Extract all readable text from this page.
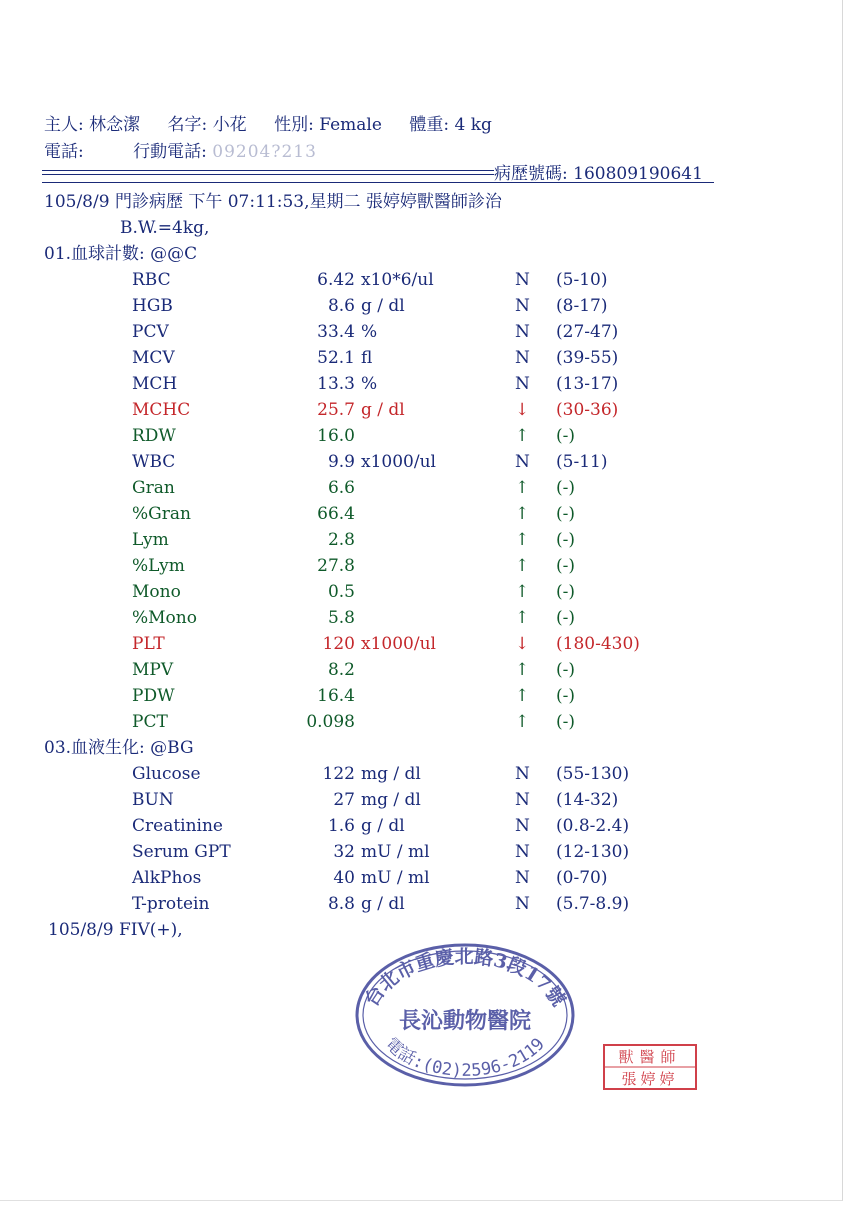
主人: 林念潔 名字: 小花 性別: Female 體重: 4 kg
電話:	行動電話: 09204?213
病歷號碼: 160809190641
105/8/9 門診病歷 下午 07:11:53,星期二 張婷婷獸醫師診治
B.W.=4kg,
01.血球計數: @@C
RBC	6.42 x10*6/ul	N (5-10)
HGB	8.6 g / dl	N (8-17)
PCV	33.4 %	N (27-47)
MCV	52.1 fl	N (39-55)
MCH	13.3 %	N (13-17)
MCHC	25.7 g / dl	↓ (30-36)
RDW	16.0	↑ (-)
WBC	9.9 x1000/ul	N (5-11)
Gran	6.6	↑ (-)
%Gran	66.4	↑ (-)
Lym	2.8	↑ (-)
%Lym	27.8	↑ (-)
Mono	0.5	↑ (-)
%Mono	5.8	↑ (-)
PLT	120 x1000/ul	↓ (180-430)
MPV	8.2	↑ (-)
PDW	16.4	↑ (-)
PCT	0.098	↑ (-)
03.血液生化: @BG
Glucose	122 mg / dl	N (55-130)
BUN	27 mg / dl	N (14-32)
Creatinine	1.6 g / dl	N (0.8-2.4)
Serum GPT	32 mU / ml	N (12-130)
AlkPhos	40 mU / ml	N (0-70)
T-protein	8.8 g / dl	N (5.7-8.9)
105/8/9 FIV(+),
台北市重慶北路3段17號
長沁動物醫院
電話:(02)2596-2119
獸醫師
張婷婷
